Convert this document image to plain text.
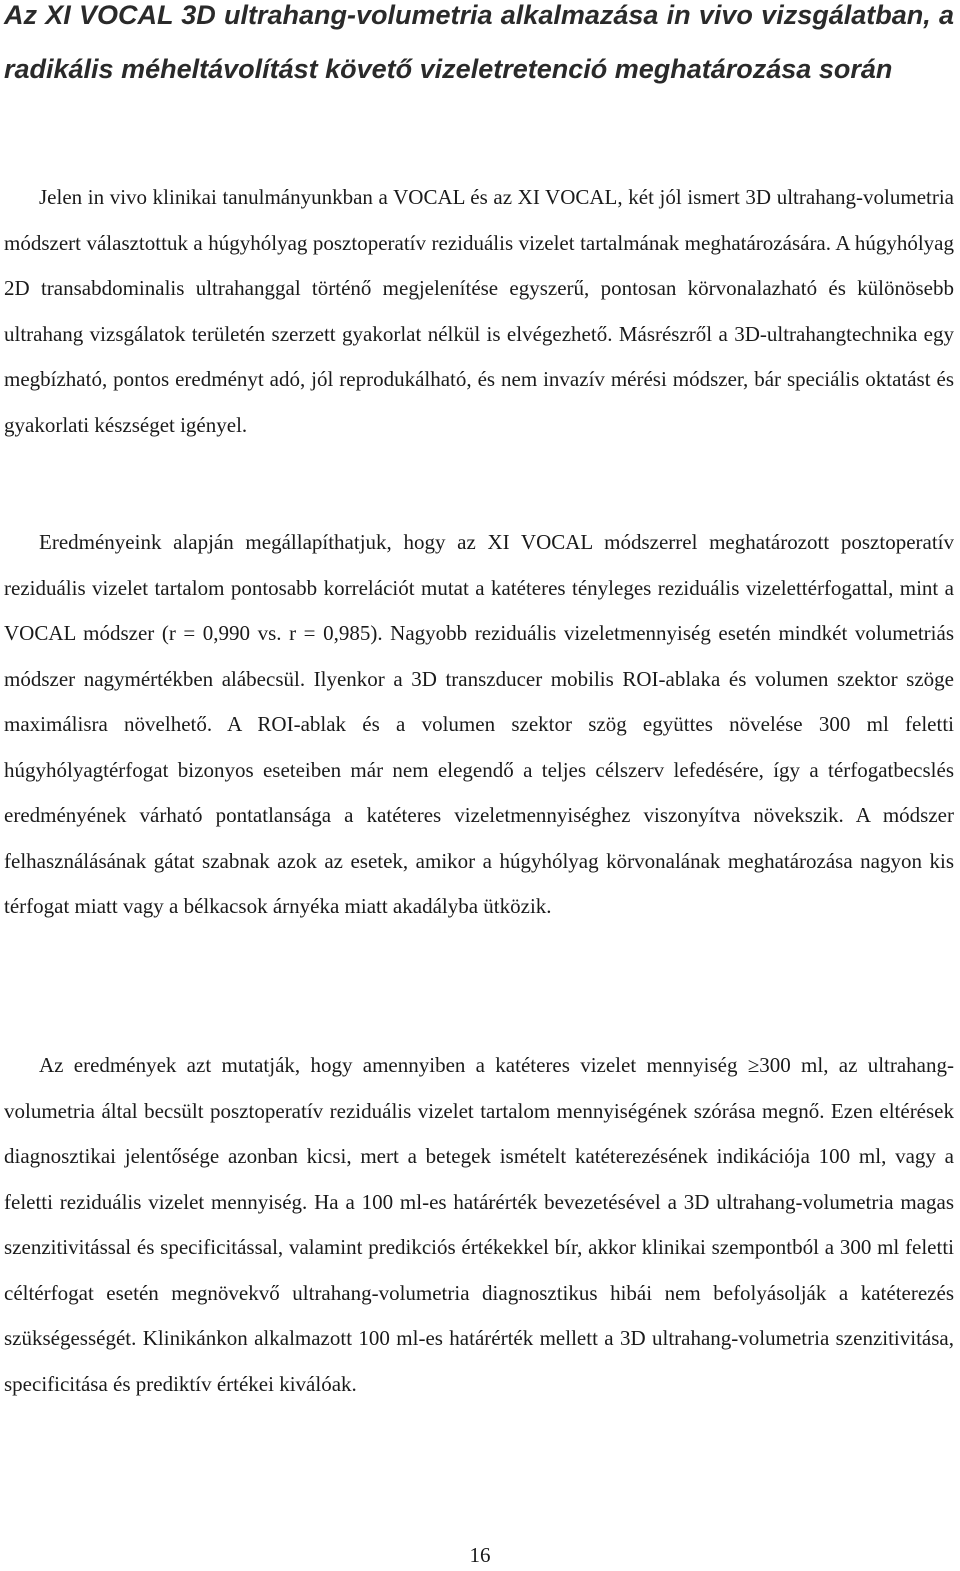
Az XI VOCAL 3D ultrahang-volumetria alkalmazása in vivo vizsgálatban, a radikális méheltávolítást követő vizeletretenció meghatározása során

Jelen in vivo klinikai tanulmányunkban a VOCAL és az XI VOCAL, két jól ismert 3D ultrahang-volumetria módszert választottuk a húgyhólyag posztoperatív reziduális vizelet tartalmának meghatározására. A húgyhólyag 2D transabdominalis ultrahanggal történő megjelenítése egyszerű, pontosan körvonalazható és különösebb ultrahang vizsgálatok területén szerzett gyakorlat nélkül is elvégezhető. Másrészről a 3D-ultrahangtechnika egy megbízható, pontos eredményt adó, jól reprodukálható, és nem invazív mérési módszer, bár speciális oktatást és gyakorlati készséget igényel.

Eredményeink alapján megállapíthatjuk, hogy az XI VOCAL módszerrel meghatározott posztoperatív reziduális vizelet tartalom pontosabb korrelációt mutat a katéteres tényleges reziduális vizelettérfogattal, mint a VOCAL módszer (r = 0,990 vs. r = 0,985). Nagyobb reziduális vizeletmennyiség esetén mindkét volumetriás módszer nagymértékben alábecsül. Ilyenkor a 3D transzducer mobilis ROI-ablaka és volumen szektor szöge maximálisra növelhető. A ROI-ablak és a volumen szektor szög együttes növelése 300 ml feletti húgyhólyagtérfogat bizonyos eseteiben már nem elegendő a teljes célszerv lefedésére, így a térfogatbecslés eredményének várható pontatlansága a katéteres vizeletmennyiséghez viszonyítva növekszik. A módszer felhasználásának gátat szabnak azok az esetek, amikor a húgyhólyag körvonalának meghatározása nagyon kis térfogat miatt vagy a bélkacsok árnyéka miatt akadályba ütközik.

Az eredmények azt mutatják, hogy amennyiben a katéteres vizelet mennyiség ≥300 ml, az ultrahang-volumetria által becsült posztoperatív reziduális vizelet tartalom mennyiségének szórása megnő. Ezen eltérések diagnosztikai jelentősége azonban kicsi, mert a betegek ismételt katéterezésének indikációja 100 ml, vagy a feletti reziduális vizelet mennyiség. Ha a 100 ml-es határérték bevezetésével a 3D ultrahang-volumetria magas szenzitivitással és specificitással, valamint predikciós értékekkel bír, akkor klinikai szempontból a 300 ml feletti céltérfogat esetén megnövekvő ultrahang-volumetria diagnosztikus hibái nem befolyásolják a katéterezés szükségességét. Klinikánkon alkalmazott 100 ml-es határérték mellett a 3D ultrahang-volumetria szenzitivitása, specificitása és prediktív értékei kiválóak.

16
